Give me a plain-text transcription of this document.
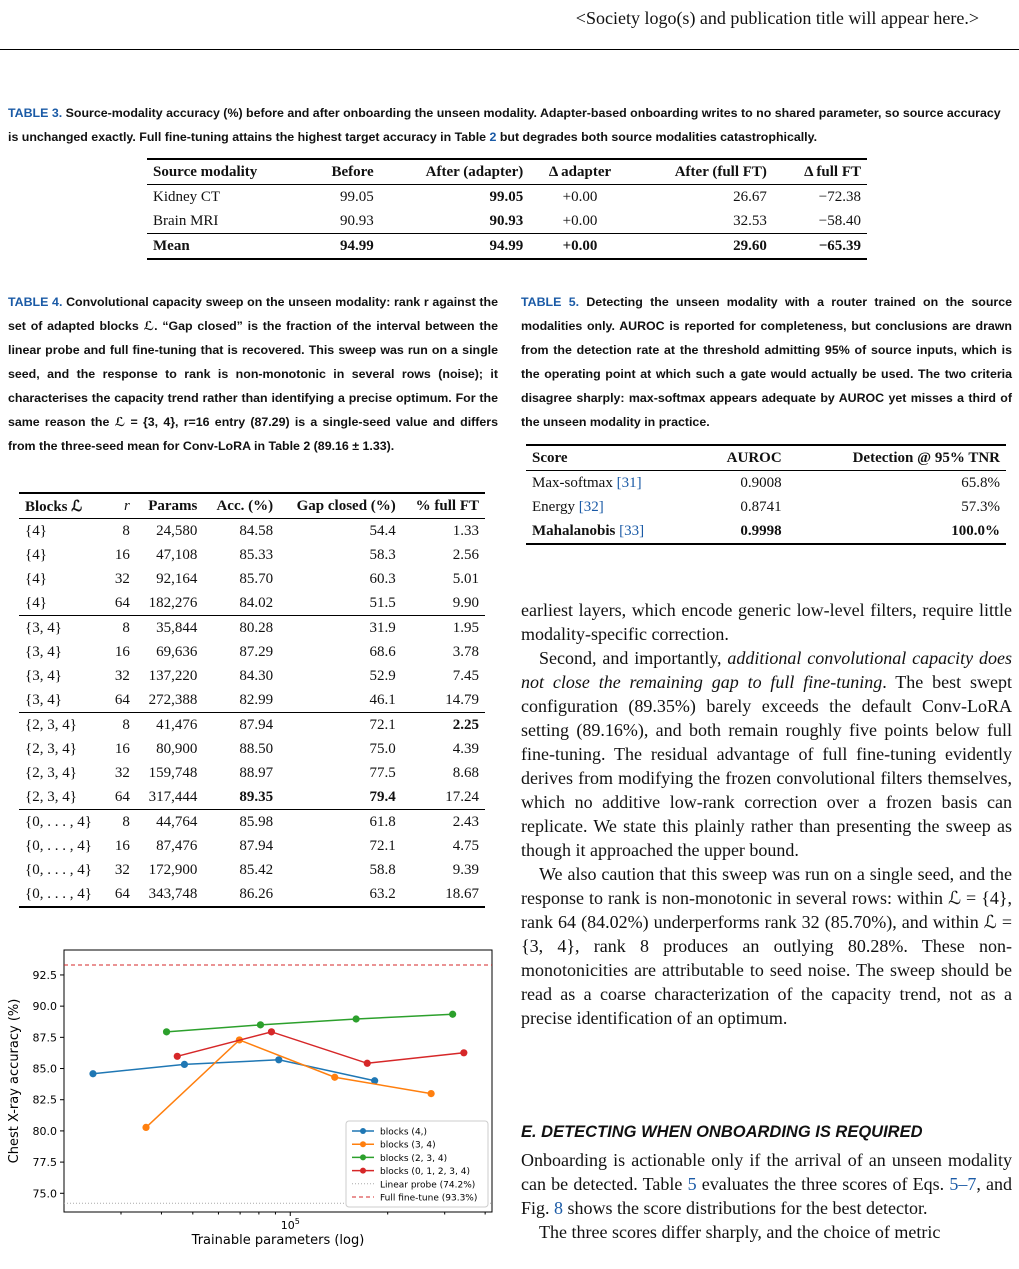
<Society logo(s) and publication title will appear here.>
TABLE 3. Source-modality accuracy (%) before and after onboarding the unseen modality. Adapter-based onboarding writes to no shared parameter, so source accuracy is unchanged exactly. Full fine-tuning attains the highest target accuracy in Table 2 but degrades both source modalities catastrophically.
Source modality	Before	After (adapter)	Δ adapter	After (full FT)	Δ full FT
Kidney CT	99.05	99.05	+0.00	26.67	−72.38
Brain MRI	90.93	90.93	+0.00	32.53	−58.40
Mean	94.99	94.99	+0.00	29.60	−65.39
TABLE 4. Convolutional capacity sweep on the unseen modality: rank r against the set of adapted blocks ℒ. “Gap closed” is the fraction of the interval between the linear probe and full fine-tuning that is recovered. This sweep was run on a single seed, and the response to rank is non-monotonic in several rows (noise); it characterises the capacity trend rather than identifying a precise optimum. For the same reason the ℒ = {3, 4}, r=16 entry (87.29) is a single-seed value and differs from the three-seed mean for Conv-LoRA in Table 2 (89.16 ± 1.33).
Blocks ℒ	r	Params	Acc. (%)	Gap closed (%)	% full FT
{4}	8	24,580	84.58	54.4	1.33
{4}	16	47,108	85.33	58.3	2.56
{4}	32	92,164	85.70	60.3	5.01
{4}	64	182,276	84.02	51.5	9.90
{3, 4}	8	35,844	80.28	31.9	1.95
{3, 4}	16	69,636	87.29	68.6	3.78
{3, 4}	32	137,220	84.30	52.9	7.45
{3, 4}	64	272,388	82.99	46.1	14.79
{2, 3, 4}	8	41,476	87.94	72.1	2.25
{2, 3, 4}	16	80,900	88.50	75.0	4.39
{2, 3, 4}	32	159,748	88.97	77.5	8.68
{2, 3, 4}	64	317,444	89.35	79.4	17.24
{0, . . . , 4}	8	44,764	85.98	61.8	2.43
{0, . . . , 4}	16	87,476	87.94	72.1	4.75
{0, . . . , 4}	32	172,900	85.42	58.8	9.39
{0, . . . , 4}	64	343,748	86.26	63.2	18.67
Chest X-ray accuracy (%)
75.0
77.5
80.0
82.5
85.0
87.5
90.0
92.5
$10^5$
blocks (4,)
blocks (3, 4)
blocks (2, 3, 4)
blocks (0, 1, 2, 3, 4)
Linear probe (74.2%)
Full fine-tune (93.3%)
Trainable parameters (log)
TABLE 5. Detecting the unseen modality with a router trained on the source modalities only. AUROC is reported for completeness, but conclusions are drawn from the detection rate at the threshold admitting 95% of source inputs, which is the operating point at which such a gate would actually be used. The two criteria disagree sharply: max-softmax appears adequate by AUROC yet misses a third of the unseen modality in practice.
Score	AUROC	Detection @ 95% TNR
Max-softmax [31]	0.9008	65.8%
Energy [32]	0.8741	57.3%
Mahalanobis [33]	0.9998	100.0%

earliest layers, which encode generic low-level filters, require little modality-specific correction.

Second, and importantly, additional convolutional capacity does not close the remaining gap to full fine-tuning. The best swept configuration (89.35%) barely exceeds the default Conv-LoRA setting (89.16%), and both remain roughly five points below full fine-tuning. The residual advantage of full fine-tuning evidently derives from modifying the frozen convolutional filters themselves, which no additive low-rank correction over a frozen basis can replicate. We state this plainly rather than presenting the sweep as though it approached the upper bound.

We also caution that this sweep was run on a single seed, and the response to rank is non-monotonic in several rows: within ℒ = {4}, rank 64 (84.02%) underperforms rank 32 (85.70%), and within ℒ = {3, 4}, rank 8 produces an outlying 80.28%. These non-monotonicities are attributable to seed noise. The sweep should be read as a coarse characterization of the capacity trend, not as a precise identification of an optimum.

E. DETECTING WHEN ONBOARDING IS REQUIRED

Onboarding is actionable only if the arrival of an unseen modality can be detected. Table 5 evaluates the three scores of Eqs. 5–7, and Fig. 8 shows the score distributions for the best detector.

The three scores differ sharply, and the choice of metric
